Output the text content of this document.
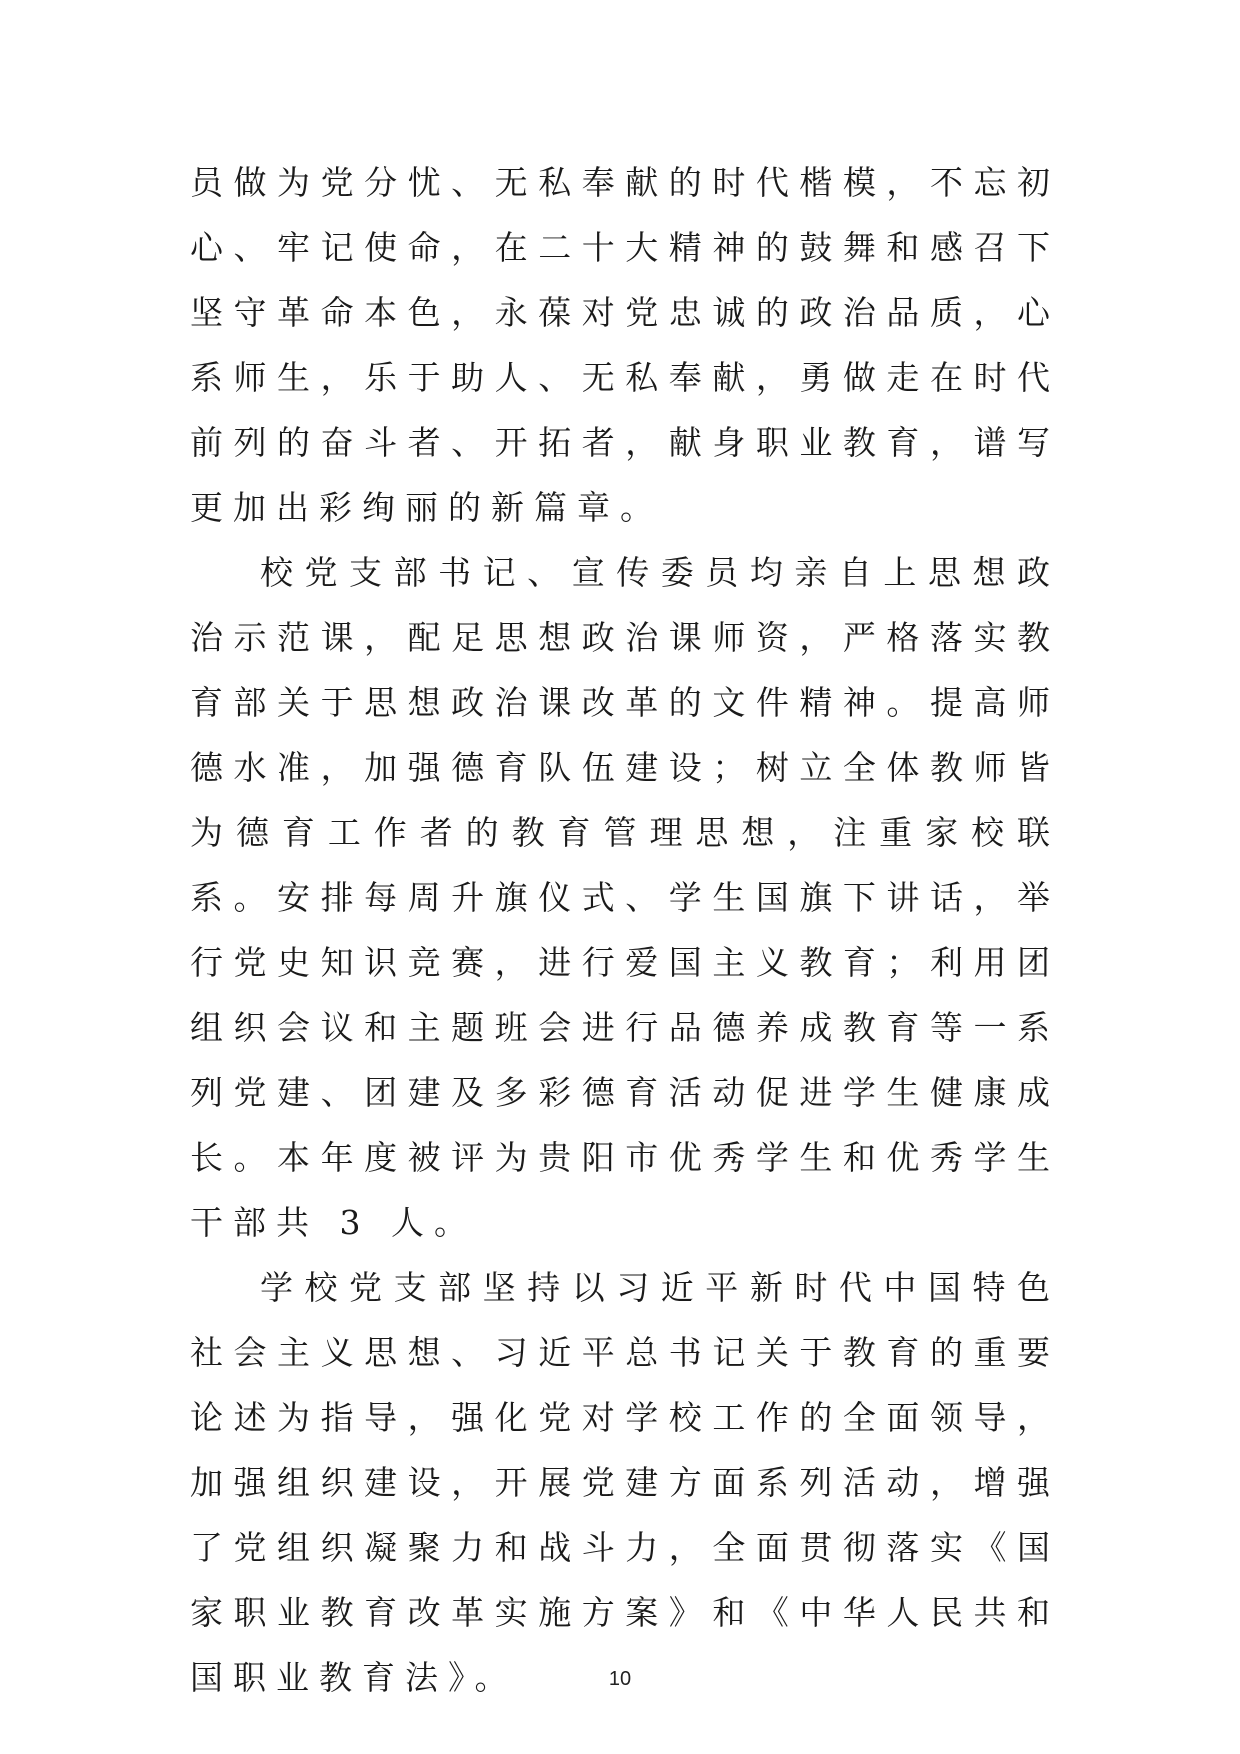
员做为党分忧、无私奉献的时代楷模，不忘初心、牢记使命，在二十大精神的鼓舞和感召下坚守革命本色，永葆对党忠诚的政治品质，心系师生，乐于助人、无私奉献，勇做走在时代前列的奋斗者、开拓者，献身职业教育，谱写更加出彩绚丽的新篇章。

校党支部书记、宣传委员均亲自上思想政治示范课，配足思想政治课师资，严格落实教育部关于思想政治课改革的文件精神。提高师德水准，加强德育队伍建设；树立全体教师皆为德育工作者的教育管理思想，注重家校联系。安排每周升旗仪式、学生国旗下讲话，举行党史知识竞赛，进行爱国主义教育；利用团组织会议和主题班会进行品德养成教育等一系列党建、团建及多彩德育活动促进学生健康成长。本年度被评为贵阳市优秀学生和优秀学生干部共 3 人。

学校党支部坚持以习近平新时代中国特色社会主义思想、习近平总书记关于教育的重要论述为指导，强化党对学校工作的全面领导，加强组织建设，开展党建方面系列活动，增强了党组织凝聚力和战斗力，全面贯彻落实《国家职业教育改革实施方案》和《中华人民共和国职业教育法》。	10
